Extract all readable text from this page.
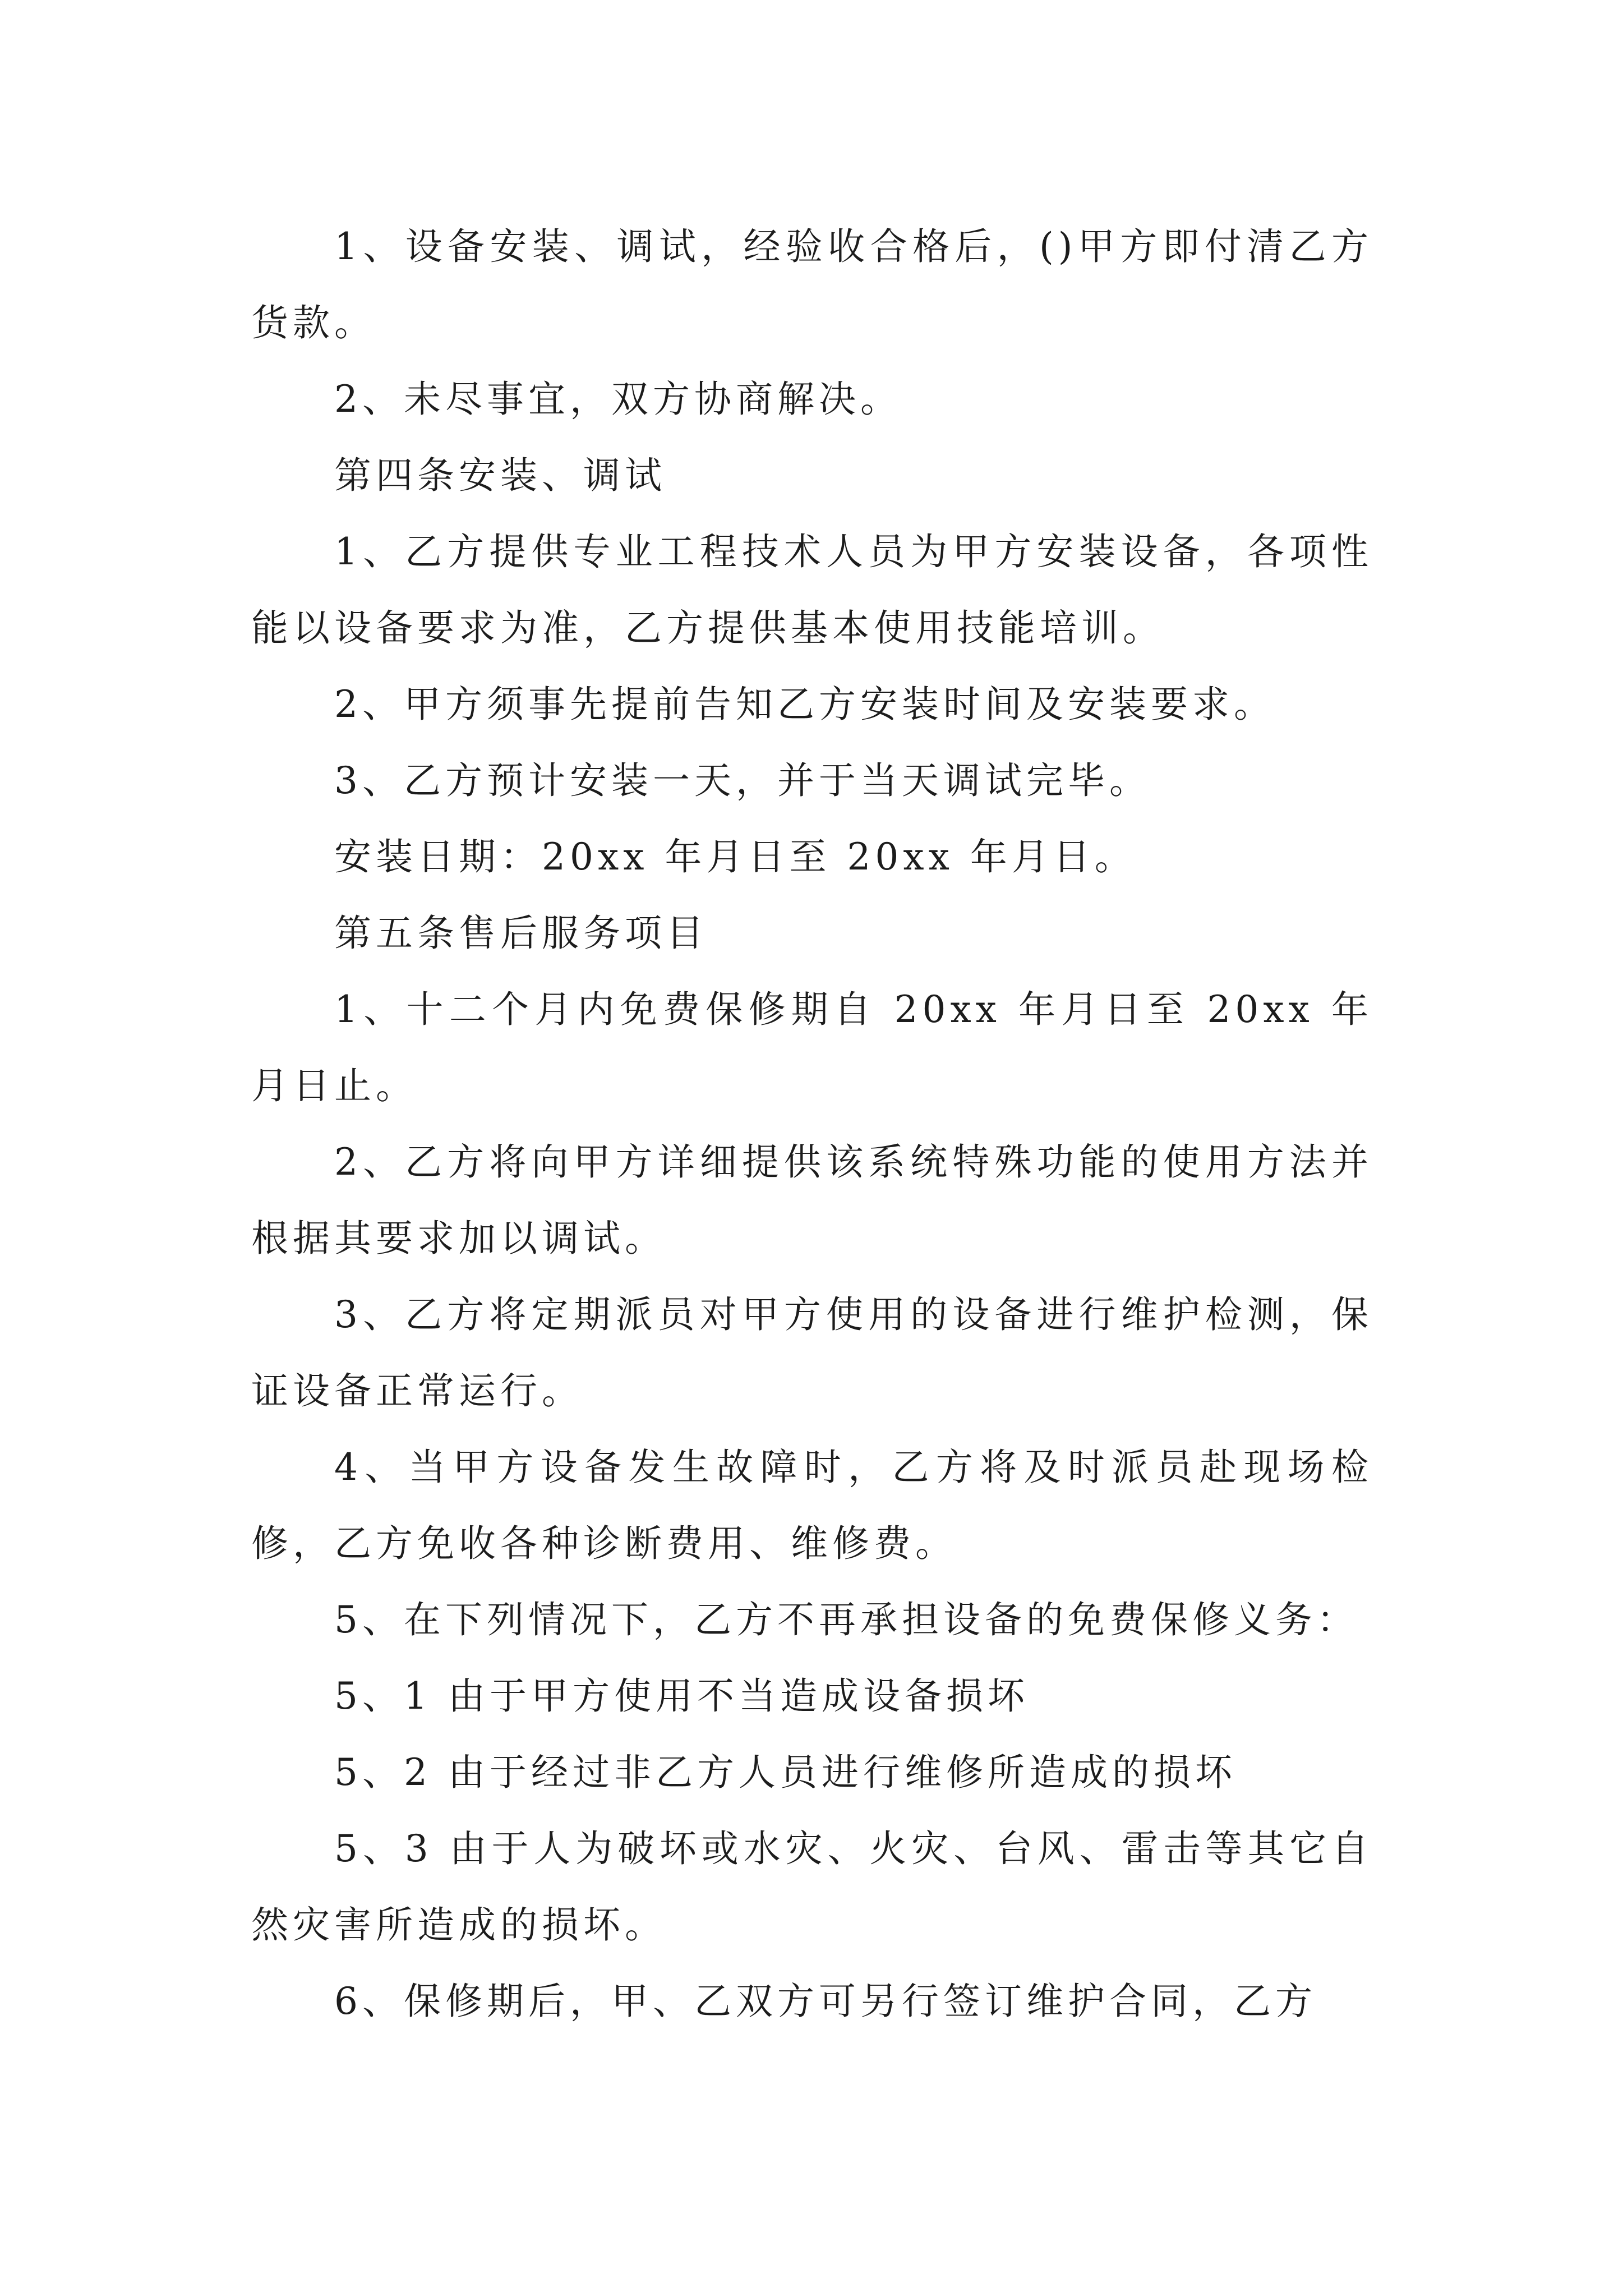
1、设备安装、调试，经验收合格后，()甲方即付清乙方货款。

2、未尽事宜，双方协商解决。

第四条安装、调试

1、乙方提供专业工程技术人员为甲方安装设备，各项性能以设备要求为准，乙方提供基本使用技能培训。

2、甲方须事先提前告知乙方安装时间及安装要求。

3、乙方预计安装一天，并于当天调试完毕。

安装日期：20xx 年月日至 20xx 年月日。

第五条售后服务项目

1、十二个月内免费保修期自 20xx 年月日至 20xx 年月日止。

2、乙方将向甲方详细提供该系统特殊功能的使用方法并根据其要求加以调试。

3、乙方将定期派员对甲方使用的设备进行维护检测，保证设备正常运行。

4、当甲方设备发生故障时，乙方将及时派员赴现场检修，乙方免收各种诊断费用、维修费。

5、在下列情况下，乙方不再承担设备的免费保修义务：

5、1 由于甲方使用不当造成设备损坏

5、2 由于经过非乙方人员进行维修所造成的损坏

5、3 由于人为破坏或水灾、火灾、台风、雷击等其它自然灾害所造成的损坏。

6、保修期后，甲、乙双方可另行签订维护合同，乙方
